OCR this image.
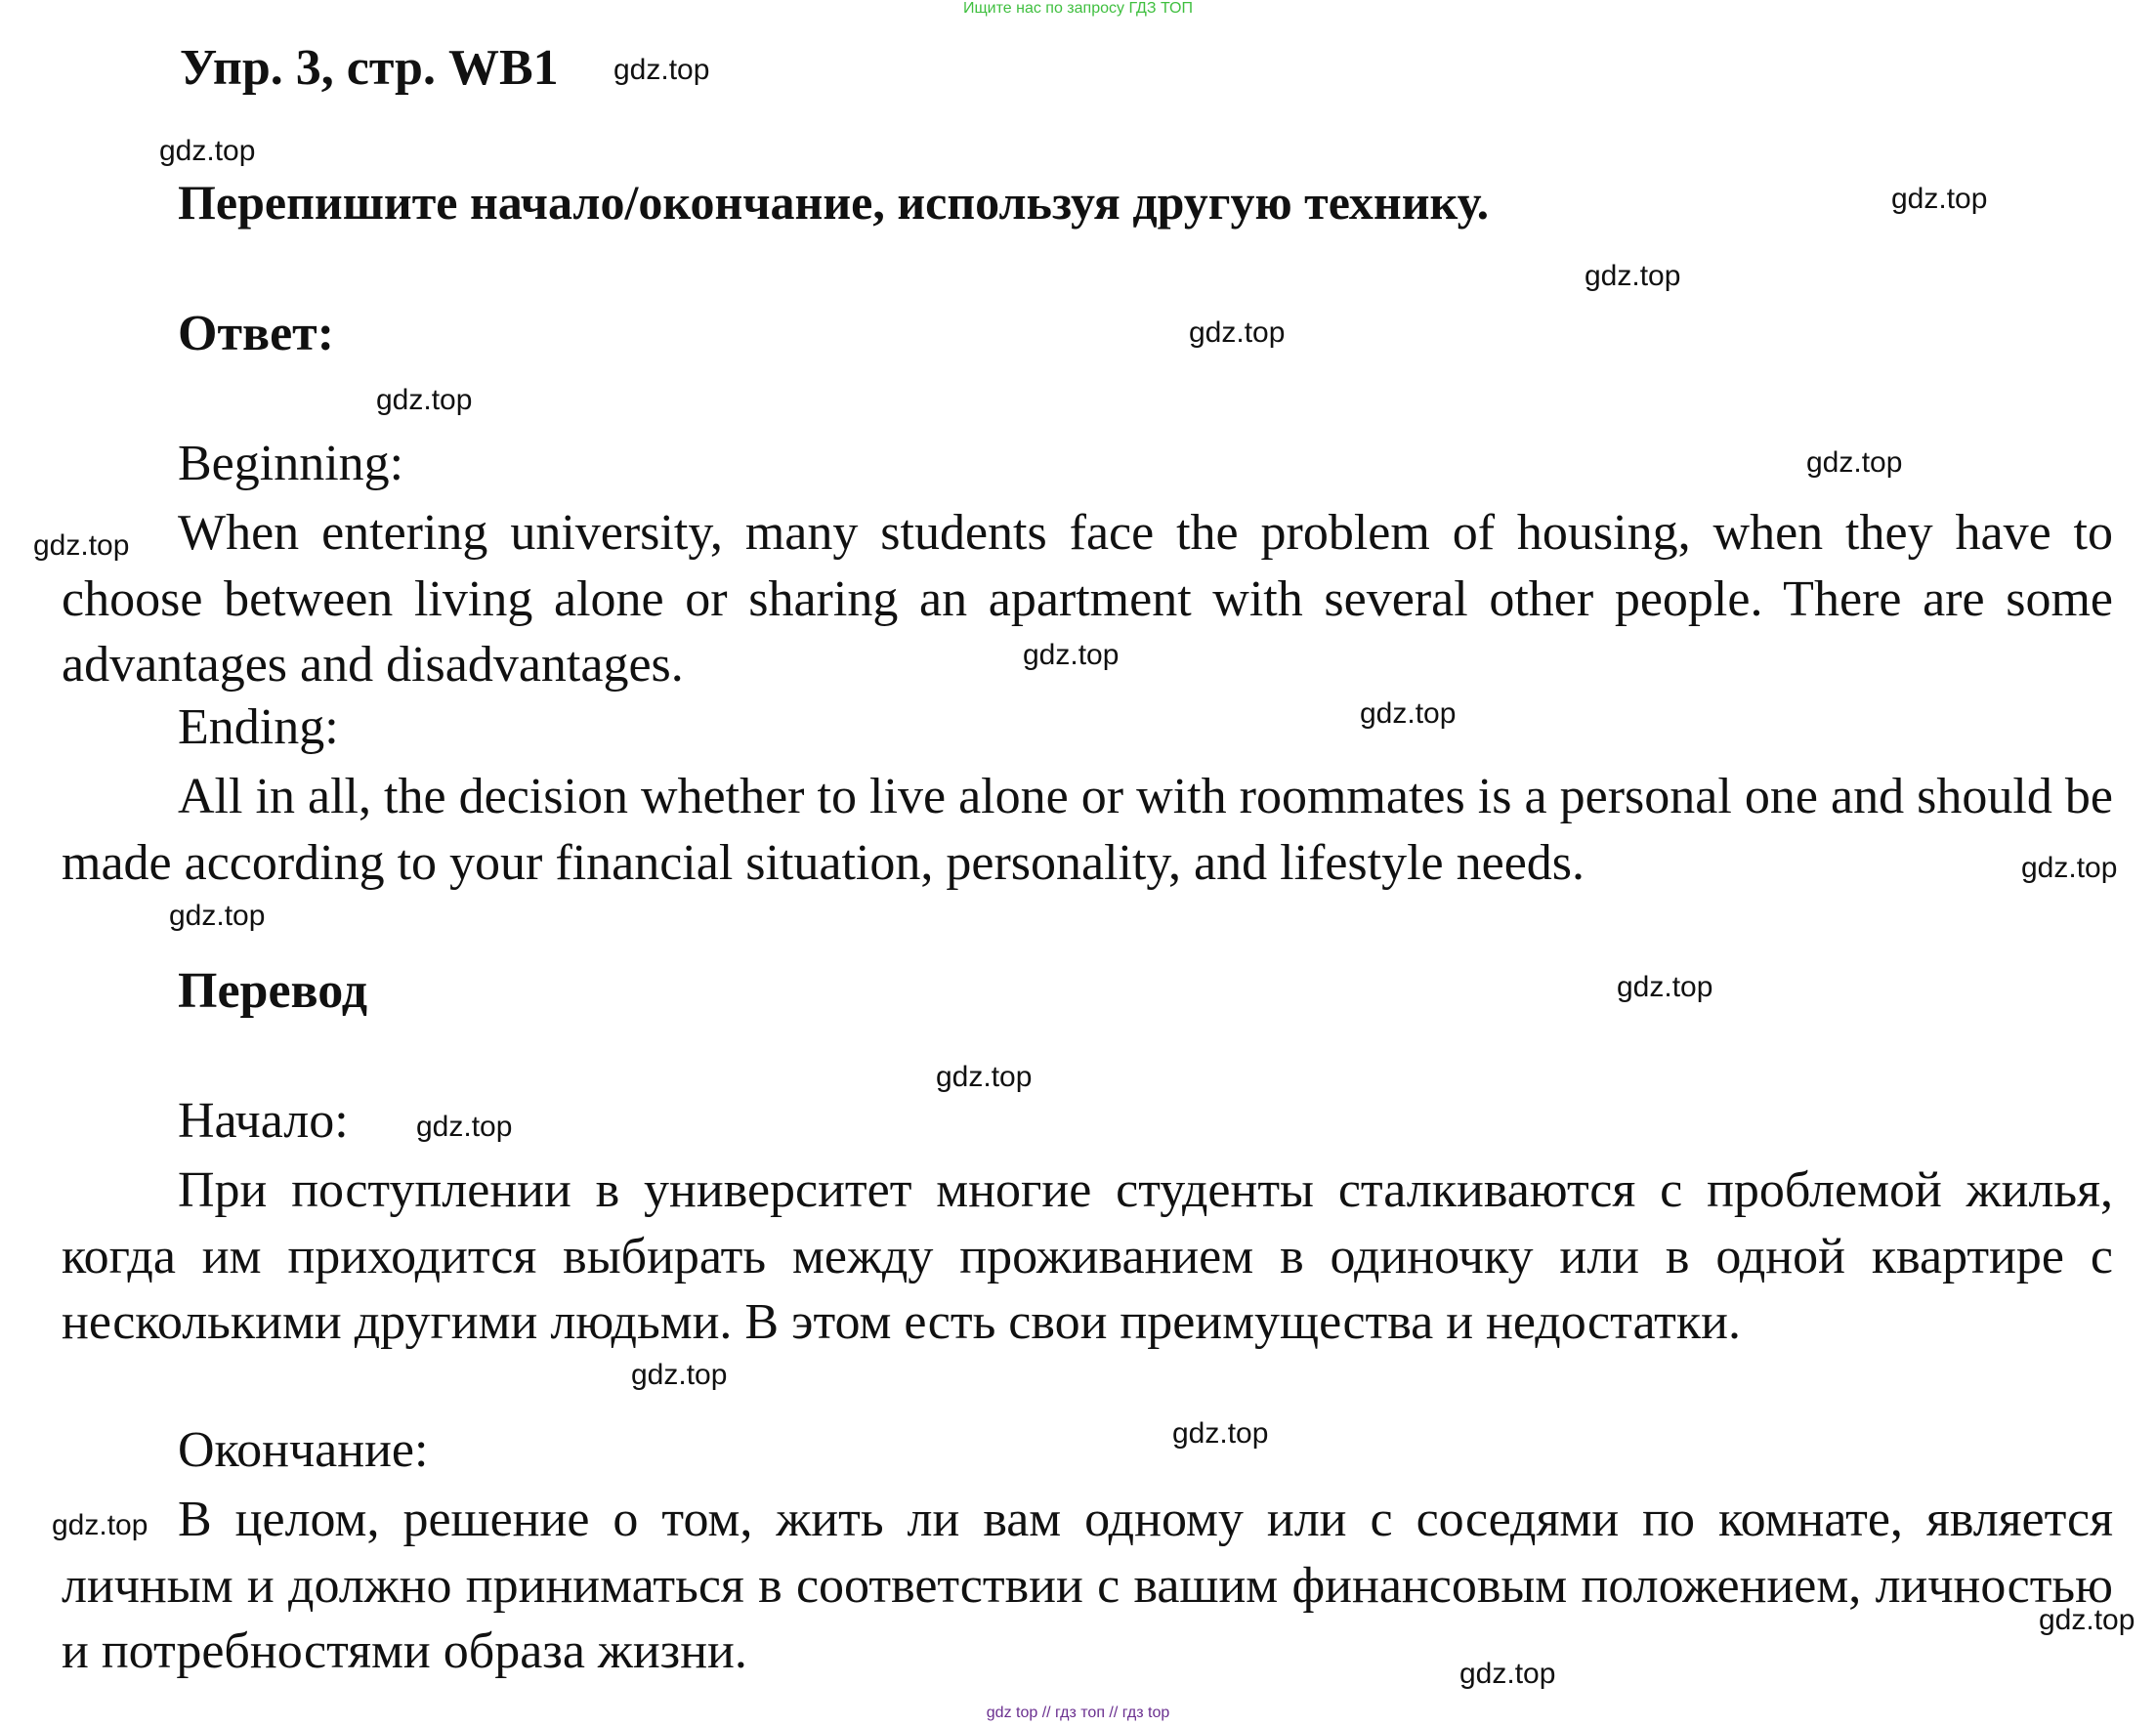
Ищите нас по запросу ГДЗ ТОП
Упр. 3, стр. WB1
Перепишите начало/окончание, используя другую технику.
Ответ:
Beginning:

When entering university, many students face the problem of housing, when they have to choose between living alone or sharing an apartment with several other people. There are some advantages and disadvantages.

Ending:

All in all, the decision whether to live alone or with roommates is a personal one and should be made according to your financial situation, personality, and lifestyle needs.

Перевод
Начало:

При поступлении в университет многие студенты сталкиваются с проблемой жилья, когда им приходится выбирать между проживанием в одиночку или в одной квартире с несколькими другими людьми. В этом есть свои преимущества и недостатки.

Окончание:

В целом, решение о том, жить ли вам одному или с соседями по комнате, является личным и должно приниматься в соответствии с вашим финансовым положением, личностью и потребностями образа жизни.

gdz.top
gdz.top
gdz.top
gdz.top
gdz.top
gdz.top
gdz.top
gdz.top
gdz.top
gdz.top
gdz.top
gdz.top
gdz.top
gdz.top
gdz.top
gdz.top
gdz.top
gdz.top
gdz.top
gdz.top
gdz top // гдз топ // гдз top
